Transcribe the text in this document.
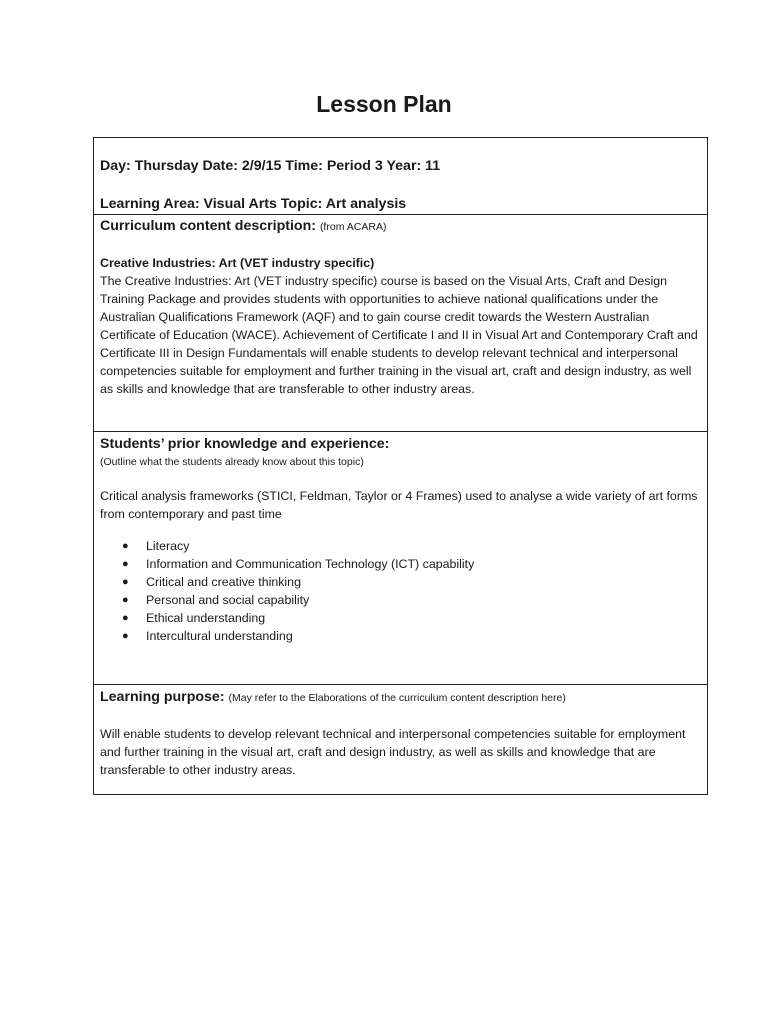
Lesson Plan
Day: Thursday Date: 2/9/15 Time: Period 3 Year: 11
Learning Area: Visual Arts Topic: Art analysis
Curriculum content description: (from ACARA)
Creative Industries: Art (VET industry specific)

The Creative Industries: Art (VET industry specific) course is based on the Visual Arts, Craft and Design Training Package and provides students with opportunities to achieve national qualifications under the Australian Qualifications Framework (AQF) and to gain course credit towards the Western Australian Certificate of Education (WACE). Achievement of Certificate I and II in Visual Art and Contemporary Craft and Certificate III in Design Fundamentals will enable students to develop relevant technical and interpersonal competencies suitable for employment and further training in the visual art, craft and design industry, as well as skills and knowledge that are transferable to other industry areas.

Students’ prior knowledge and experience:
(Outline what the students already know about this topic)

Critical analysis frameworks (STICI, Feldman, Taylor or 4 Frames) used to analyse a wide variety of art forms from contemporary and past time

● Literacy
● Information and Communication Technology (ICT) capability
● Critical and creative thinking
● Personal and social capability
● Ethical understanding
● Intercultural understanding
Learning purpose: (May refer to the Elaborations of the curriculum content description here)

Will enable students to develop relevant technical and interpersonal competencies suitable for employment and further training in the visual art, craft and design industry, as well as skills and knowledge that are transferable to other industry areas.
